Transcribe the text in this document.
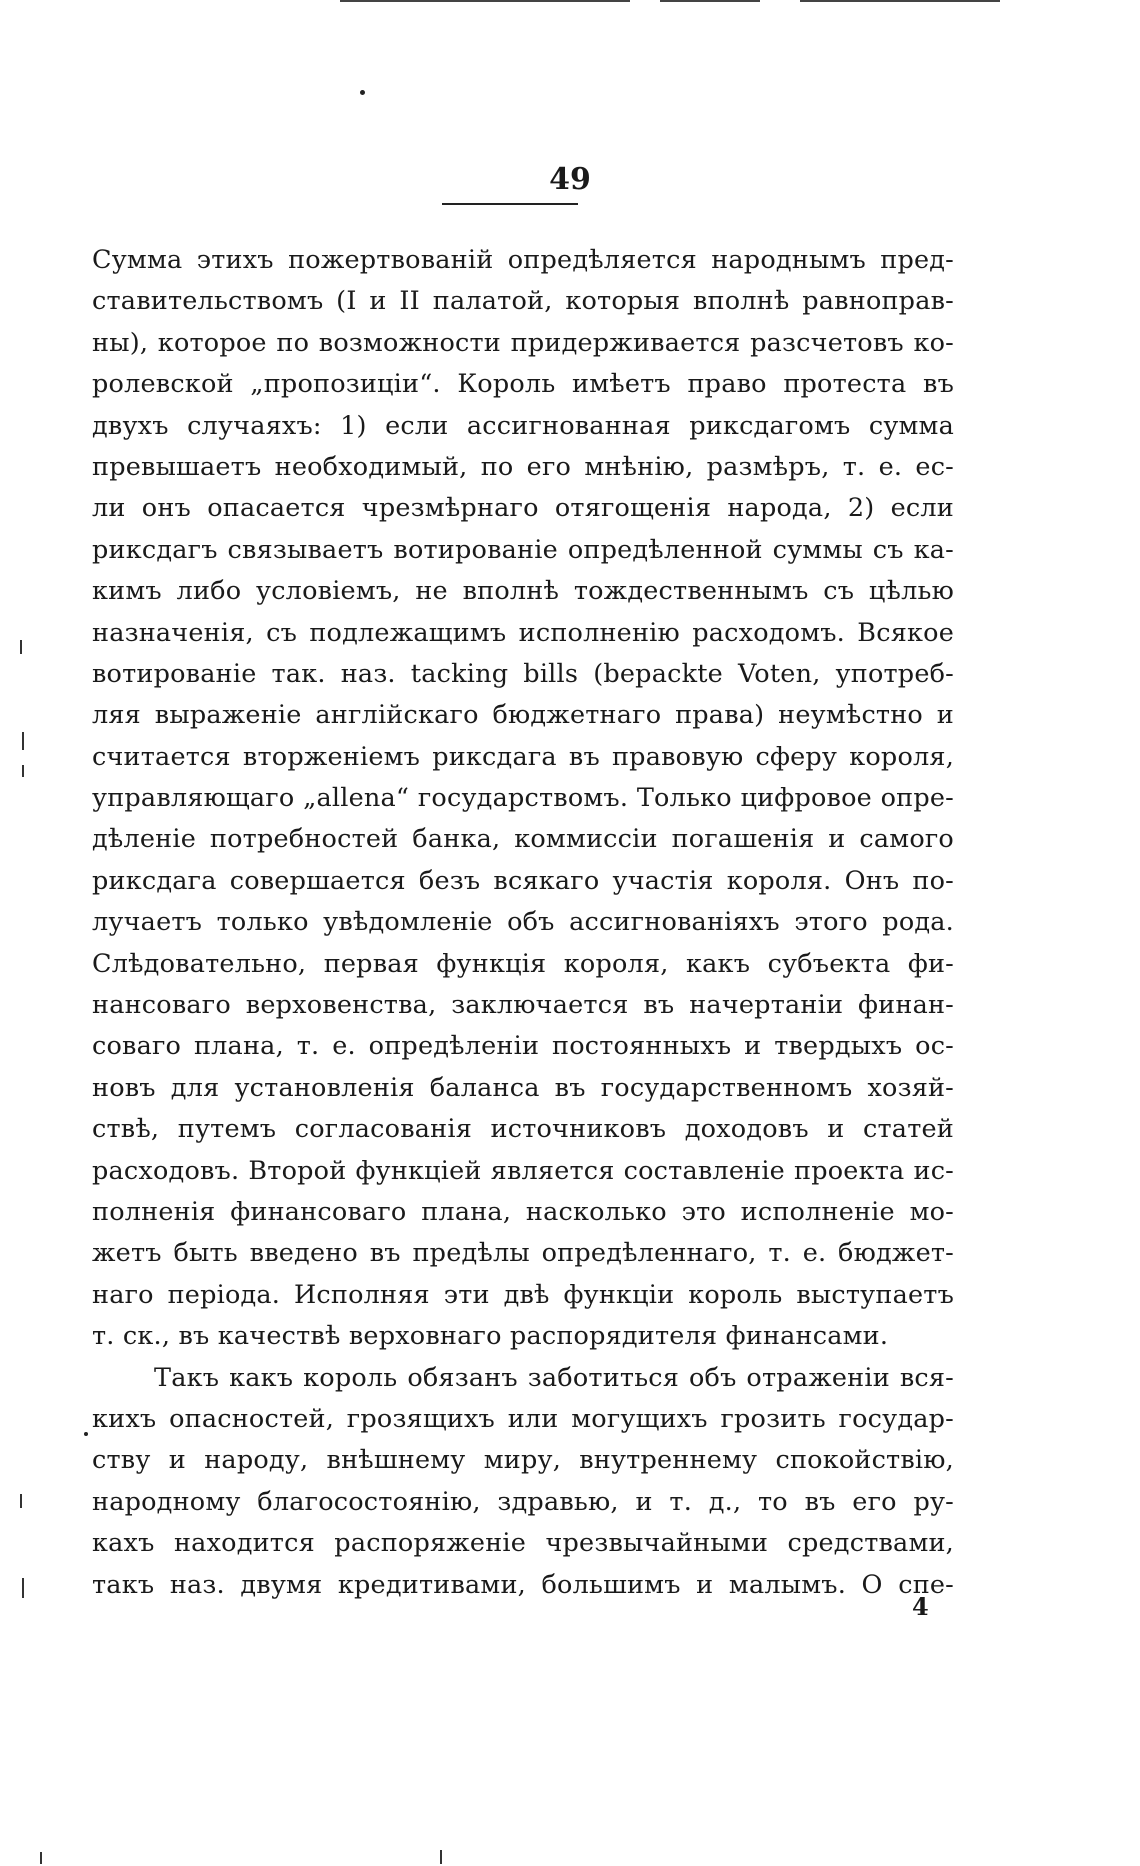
49
Сумма этихъ пожертвованій опредѣляется народнымъ пред-
ставительствомъ (I и II палатой, которыя вполнѣ равноправ-
ны), которое по возможности придерживается разсчетовъ ко-
ролевской „пропозиціи“. Король имѣетъ право протеста въ
двухъ случаяхъ: 1) если ассигнованная риксдагомъ сумма
превышаетъ необходимый, по его мнѣнію, размѣръ, т. е. ес-
ли онъ опасается чрезмѣрнаго отягощенія народа, 2) если
риксдагъ связываетъ вотированіе опредѣленной суммы съ ка-
кимъ либо условіемъ, не вполнѣ тождественнымъ съ цѣлью
назначенія, съ подлежащимъ исполненію расходомъ. Всякое
вотированіе так. наз. tacking bills (bepackte Voten, употреб-
ляя выраженіе англійскаго бюджетнаго права) неумѣстно и
считается вторженіемъ риксдага въ правовую сферу короля,
управляющаго „allena“ государствомъ. Только цифровое опре-
дѣленіе потребностей банка, коммиссіи погашенія и самого
риксдага совершается безъ всякаго участія короля. Онъ по-
лучаетъ только увѣдомленіе объ ассигнованіяхъ этого рода.
Слѣдовательно, первая функція короля, какъ субъекта фи-
нансоваго верховенства, заключается въ начертаніи финан-
соваго плана, т. е. опредѣленіи постоянныхъ и твердыхъ ос-
новъ для установленія баланса въ государственномъ хозяй-
ствѣ, путемъ согласованія источниковъ доходовъ и статей
расходовъ. Второй функціей является составленіе проекта ис-
полненія финансоваго плана, насколько это исполненіе мо-
жетъ быть введено въ предѣлы опредѣленнаго, т. е. бюджет-
наго періода. Исполняя эти двѣ функціи король выступаетъ
т. ск., въ качествѣ верховнаго распорядителя финансами.
Такъ какъ король обязанъ заботиться объ отраженіи вся-
кихъ опасностей, грозящихъ или могущихъ грозить государ-
ству и народу, внѣшнему миру, внутреннему спокойствію,
народному благосостоянію, здравью, и т. д., то въ его ру-
кахъ находится распоряженіе чрезвычайными средствами,
такъ наз. двумя кредитивами, большимъ и малымъ. О спе-
4
